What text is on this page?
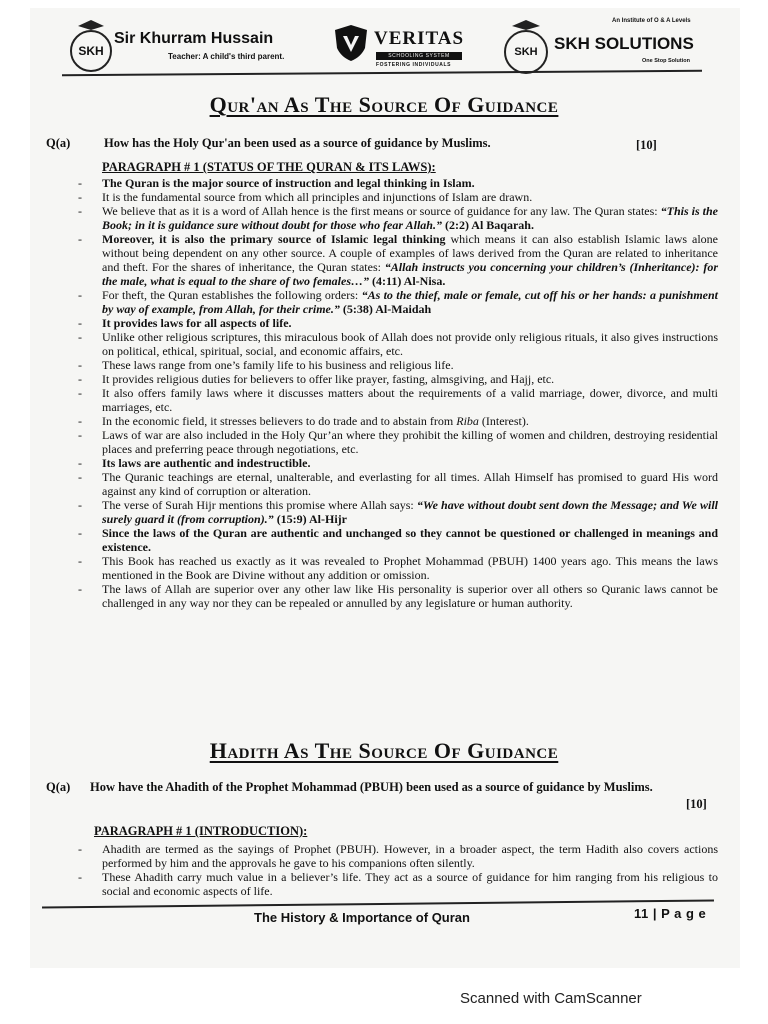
SKH
Sir Khurram Hussain
Teacher: A child's third parent.
VERITAS
SCHOOLING SYSTEM
FOSTERING INDIVIDUALS
An Institute of O & A Levels
SKH SKH SOLUTIONS
One Stop Solution
Qur'an As The Source Of Guidance
Q(a)	How has the Holy Qur'an been used as a source of guidance by Muslims.	[10]
PARAGRAPH # 1 (STATUS OF THE QURAN & ITS LAWS):
- The Quran is the major source of instruction and legal thinking in Islam.
- It is the fundamental source from which all principles and injunctions of Islam are drawn.
- We believe that as it is a word of Allah hence is the first means or source of guidance for any law. The Quran states: “This is the Book; in it is guidance sure without doubt for those who fear Allah.” (2:2) Al Baqarah.
- Moreover, it is also the primary source of Islamic legal thinking which means it can also establish Islamic laws alone without being dependent on any other source. A couple of examples of laws derived from the Quran are related to inheritance and theft. For the shares of inheritance, the Quran states: “Allah instructs you concerning your children’s (Inheritance): for the male, what is equal to the share of two females…” (4:11) Al-Nisa.
- For theft, the Quran establishes the following orders: “As to the thief, male or female, cut off his or her hands: a punishment by way of example, from Allah, for their crime.” (5:38) Al-Maidah
- It provides laws for all aspects of life.
- Unlike other religious scriptures, this miraculous book of Allah does not provide only religious rituals, it also gives instructions on political, ethical, spiritual, social, and economic affairs, etc.
- These laws range from one’s family life to his business and religious life.
- It provides religious duties for believers to offer like prayer, fasting, almsgiving, and Hajj, etc.
- It also offers family laws where it discusses matters about the requirements of a valid marriage, dower, divorce, and multi marriages, etc.
- In the economic field, it stresses believers to do trade and to abstain from Riba (Interest).
- Laws of war are also included in the Holy Qur’an where they prohibit the killing of women and children, destroying residential places and preferring peace through negotiations, etc.
- Its laws are authentic and indestructible.
- The Quranic teachings are eternal, unalterable, and everlasting for all times. Allah Himself has promised to guard His word against any kind of corruption or alteration.
- The verse of Surah Hijr mentions this promise where Allah says: “We have without doubt sent down the Message; and We will surely guard it (from corruption).” (15:9) Al-Hijr
- Since the laws of the Quran are authentic and unchanged so they cannot be questioned or challenged in meanings and existence.
- This Book has reached us exactly as it was revealed to Prophet Mohammad (PBUH) 1400 years ago. This means the laws mentioned in the Book are Divine without any addition or omission.
- The laws of Allah are superior over any other law like His personality is superior over all others so Quranic laws cannot be challenged in any way nor they can be repealed or annulled by any legislature or human authority.
Hadith As The Source Of Guidance
Q(a) How have the Ahadith of the Prophet Mohammad (PBUH) been used as a source of guidance by Muslims.
[10]
PARAGRAPH # 1 (INTRODUCTION):
- Ahadith are termed as the sayings of Prophet (PBUH). However, in a broader aspect, the term Hadith also covers actions performed by him and the approvals he gave to his companions often silently.
- These Ahadith carry much value in a believer’s life. They act as a source of guidance for him ranging from his religious to social and economic aspects of life.
The History & Importance of Quran	11 | P a g e
Scanned with CamScanner
